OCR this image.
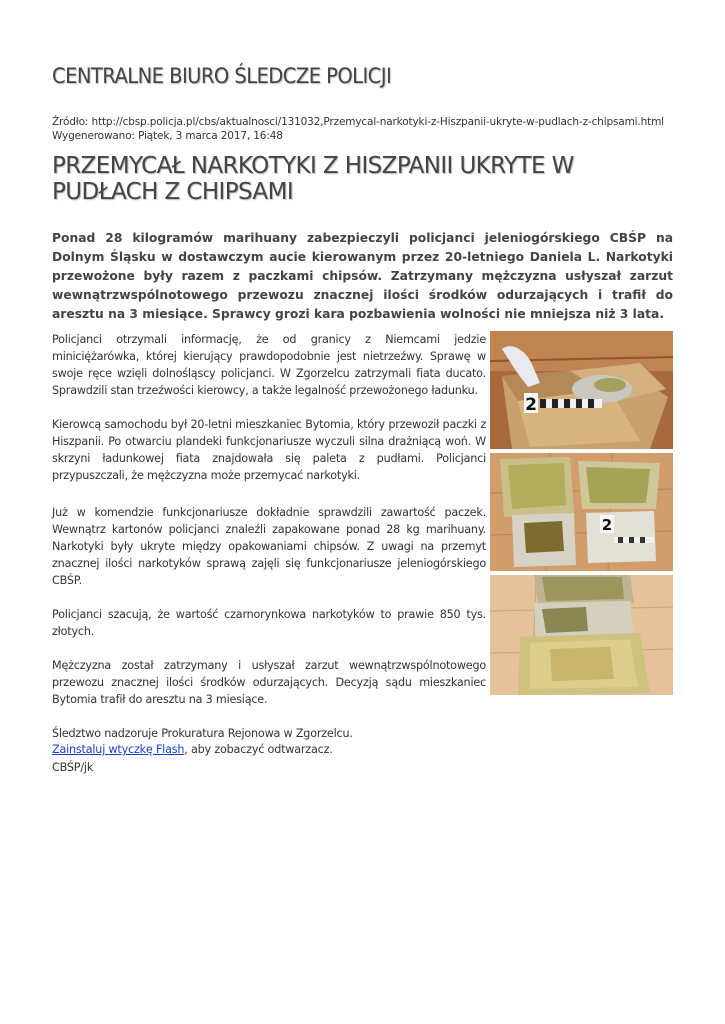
CENTRALNE BIURO ŚLEDCZE POLICJI
Źródło: http://cbsp.policja.pl/cbs/aktualnosci/131032,Przemycal-narkotyki-z-Hiszpanii-ukryte-w-pudlach-z-chipsami.html
Wygenerowano: Piątek, 3 marca 2017, 16:48
PRZEMYCAŁ NARKOTYKI Z HISZPANII UKRYTE W PUDŁACH Z CHIPSAMI

Ponad 28 kilogramów marihuany zabezpieczyli policjanci jeleniogórskiego CBŚP na Dolnym Śląsku w dostawczym aucie kierowanym przez 20-letniego Daniela L. Narkotyki przewożone były razem z paczkami chipsów. Zatrzymany mężczyzna usłyszał zarzut wewnątrzwspólnotowego przewozu znacznej ilości środków odurzających i trafił do aresztu na 3 miesiące. Sprawcy grozi kara pozbawienia wolności nie mniejsza niż 3 lata.

Policjanci otrzymali informację, że od granicy z Niemcami jedzie minicię̇żarówka, której kierujący prawdopodobnie jest nietrzeźwy. Sprawę w swoje ręce wzięli dolnośląscy policjanci. W Zgorzelcu zatrzymali fiata ducato. Sprawdzili stan trzeźwości kierowcy, a także legalność przewożonego ładunku.

Kierowcą samochodu był 20-letni mieszkaniec Bytomia, który przewoził paczki z Hiszpanii. Po otwarciu plandeki funkcjonariusze wyczuli silna drażniącą woń. W skrzyni ładunkowej fiata znajdowała się paleta z pudłami. Policjanci przypuszczali, że mężczyzna może przemycać narkotyki.

Już w komendzie funkcjonariusze dokładnie sprawdzili zawartość paczek. Wewnątrz kartonów policjanci znaleźli zapakowane ponad 28 kg marihuany. Narkotyki były ukryte między opakowaniami chipsów. Z uwagi na przemyt znacznej ilości narkotyków sprawą zajęli się funkcjonariusze jeleniogórskiego CBŚP.

Policjanci szacują, że wartość czarnorynkowa narkotyków to prawie 850 tys. złotych.

Mężczyzna został zatrzymany i usłyszał zarzut wewnątrzwspólnotowego przewozu znacznej ilości środków odurzających. Decyzją sądu mieszkaniec Bytomia trafił do aresztu na 3 miesiące.

Śledztwo nadzoruje Prokuratura Rejonowa w Zgorzelcu.

CBŚP/jk

Zainstaluj wtyczkę Flash, aby zobaczyć odtwarzacz.
2
2
